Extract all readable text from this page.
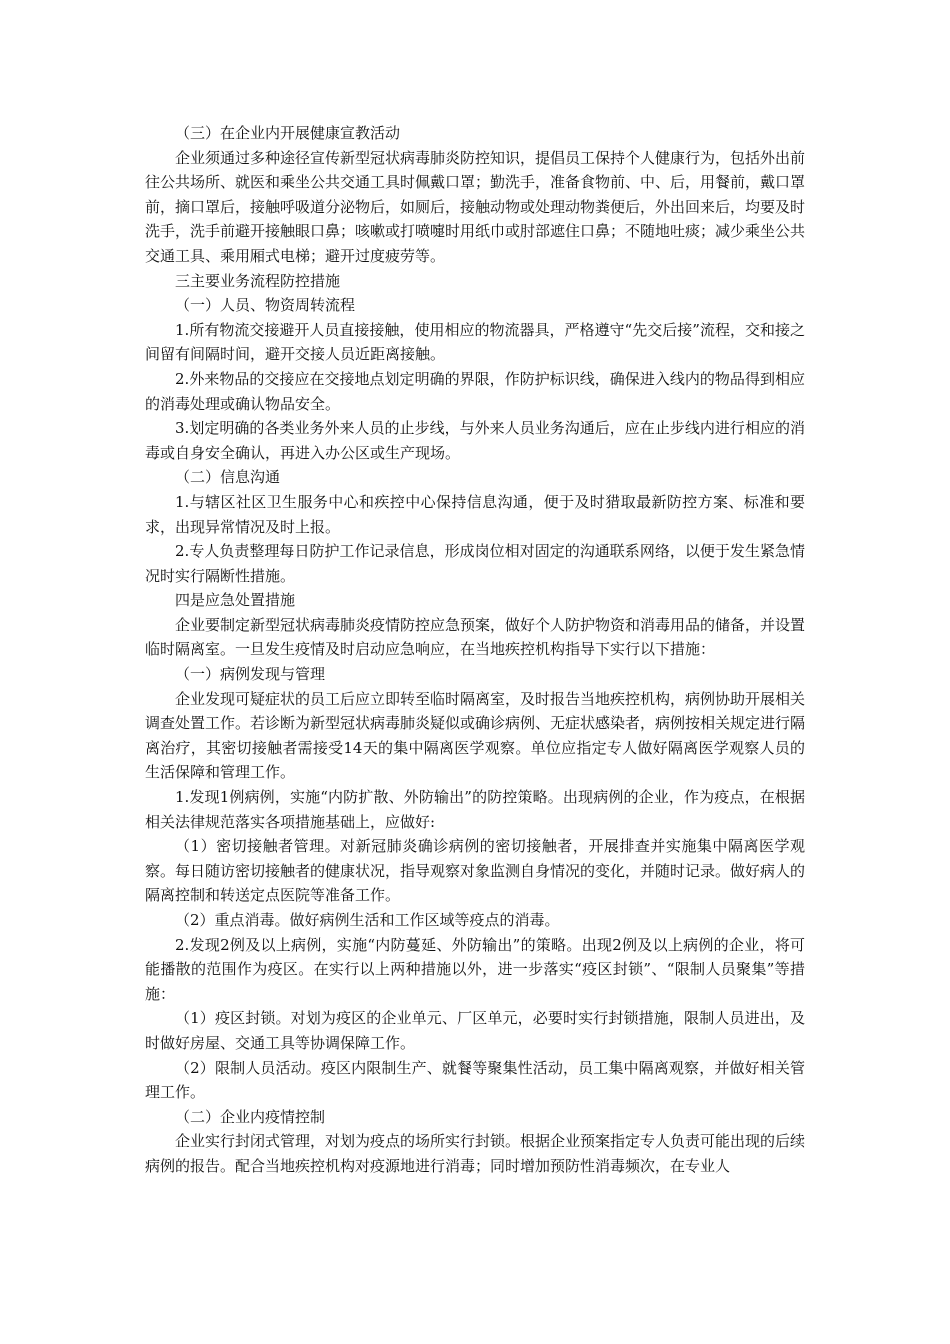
（三）在企业内开展健康宣教活动

企业须通过多种途径宣传新型冠状病毒肺炎防控知识，提倡员工保持个人健康行为，包括外出前往公共场所、就医和乘坐公共交通工具时佩戴口罩；勤洗手，准备食物前、中、后，用餐前，戴口罩前，摘口罩后，接触呼吸道分泌物后，如厕后，接触动物或处理动物粪便后，外出回来后，均要及时洗手，洗手前避开接触眼口鼻；咳嗽或打喷嚏时用纸巾或肘部遮住口鼻；不随地吐痰；减少乘坐公共交通工具、乘用厢式电梯；避开过度疲劳等。

三主要业务流程防控措施

（一）人员、物资周转流程

1.所有物流交接避开人员直接接触，使用相应的物流器具，严格遵守“先交后接”流程，交和接之间留有间隔时间，避开交接人员近距离接触。

2.外来物品的交接应在交接地点划定明确的界限，作防护标识线，确保进入线内的物品得到相应的消毒处理或确认物品安全。

3.划定明确的各类业务外来人员的止步线，与外来人员业务沟通后，应在止步线内进行相应的消毒或自身安全确认，再进入办公区或生产现场。

（二）信息沟通

1.与辖区社区卫生服务中心和疾控中心保持信息沟通，便于及时猎取最新防控方案、标准和要求，出现异常情况及时上报。

2.专人负责整理每日防护工作记录信息，形成岗位相对固定的沟通联系网络，以便于发生紧急情况时实行隔断性措施。

四是应急处置措施

企业要制定新型冠状病毒肺炎疫情防控应急预案，做好个人防护物资和消毒用品的储备，并设置临时隔离室。一旦发生疫情及时启动应急响应，在当地疾控机构指导下实行以下措施：

（一）病例发现与管理

企业发现可疑症状的员工后应立即转至临时隔离室，及时报告当地疾控机构，病例协助开展相关调查处置工作。若诊断为新型冠状病毒肺炎疑似或确诊病例、无症状感染者，病例按相关规定进行隔离治疗，其密切接触者需接受14天的集中隔离医学观察。单位应指定专人做好隔离医学观察人员的生活保障和管理工作。

1.发现1例病例，实施“内防扩散、外防输出”的防控策略。出现病例的企业，作为疫点，在根据相关法律规范落实各项措施基础上，应做好:

（1）密切接触者管理。对新冠肺炎确诊病例的密切接触者，开展排查并实施集中隔离医学观察。每日随访密切接触者的健康状况，指导观察对象监测自身情况的变化，并随时记录。做好病人的隔离控制和转送定点医院等准备工作。

（2）重点消毒。做好病例生活和工作区域等疫点的消毒。

2.发现2例及以上病例，实施“内防蔓延、外防输出”的策略。出现2例及以上病例的企业，将可能播散的范围作为疫区。在实行以上两种措施以外，进一步落实“疫区封锁”、“限制人员聚集”等措施：

（1）疫区封锁。对划为疫区的企业单元、厂区单元，必要时实行封锁措施，限制人员进出，及时做好房屋、交通工具等协调保障工作。

（2）限制人员活动。疫区内限制生产、就餐等聚集性活动，员工集中隔离观察，并做好相关管理工作。

（二）企业内疫情控制

企业实行封闭式管理，对划为疫点的场所实行封锁。根据企业预案指定专人负责可能出现的后续病例的报告。配合当地疾控机构对疫源地进行消毒；同时增加预防性消毒频次，在专业人
